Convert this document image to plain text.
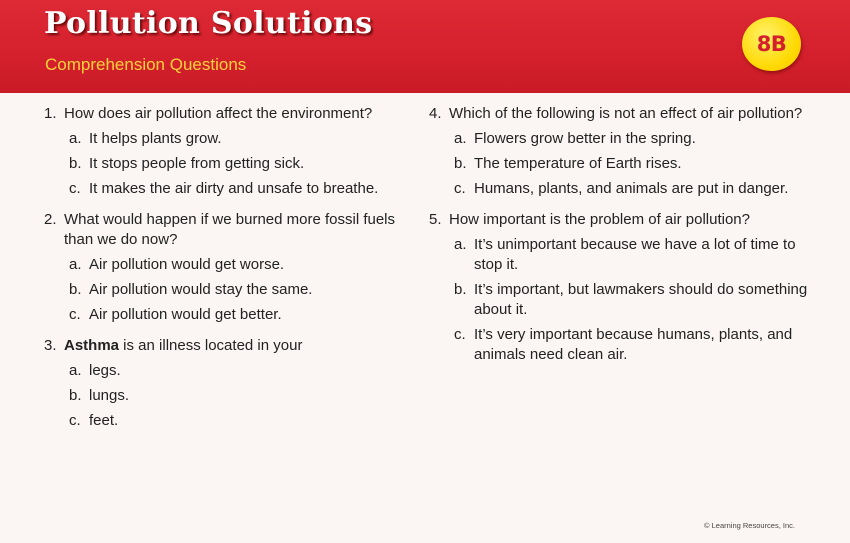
Pollution Solutions
Comprehension Questions
8B
1. How does air pollution affect the environment?
a. It helps plants grow.
b. It stops people from getting sick.
c. It makes the air dirty and unsafe to breathe.
2. What would happen if we burned more fossil fuels than we do now?
a. Air pollution would get worse.
b. Air pollution would stay the same.
c. Air pollution would get better.
3. Asthma is an illness located in your
a. legs.
b. lungs.
c. feet.
4. Which of the following is not an effect of air pollution?
a. Flowers grow better in the spring.
b. The temperature of Earth rises.
c. Humans, plants, and animals are put in danger.
5. How important is the problem of air pollution?
a. It’s unimportant because we have a lot of time to stop it.
b. It’s important, but lawmakers should do something about it.
c. It’s very important because humans, plants, and animals need clean air.
© Learning Resources, Inc.
